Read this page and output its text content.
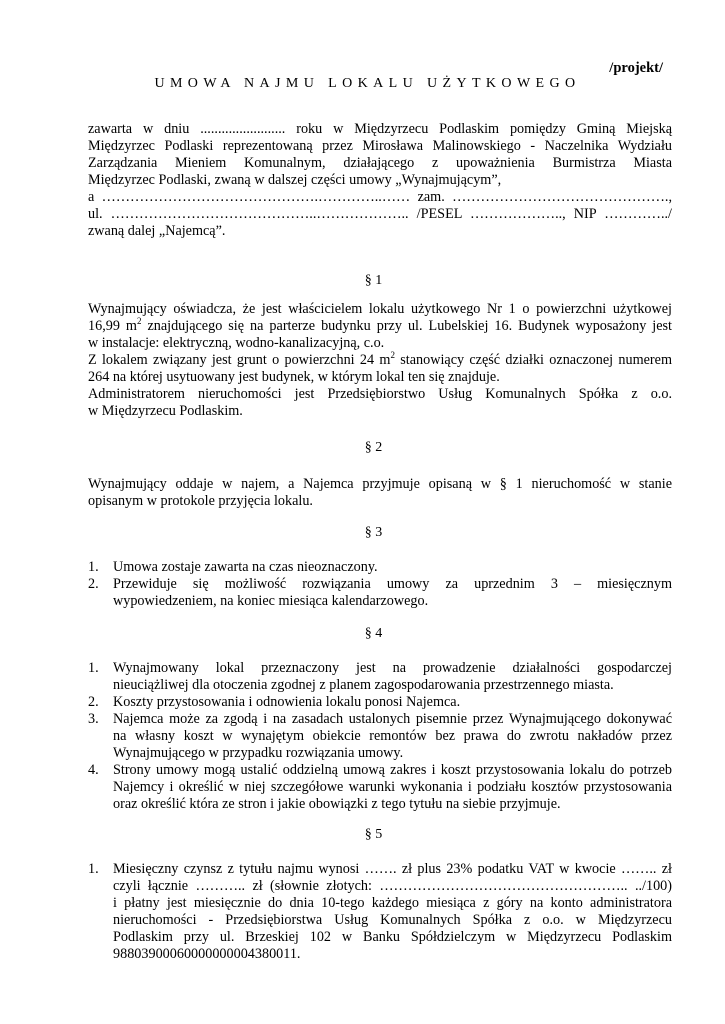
/projekt/
UMOWA NAJMU LOKALU UŻYTKOWEGO
zawarta w dniu ........................ roku w Międzyrzecu Podlaskim pomiędzy Gminą Miejską
Międzyrzec Podlaski reprezentowaną przez Mirosława Malinowskiego - Naczelnika Wydziału
Zarządzania Mieniem Komunalnym, działającego z upoważnienia Burmistrza Miasta
Międzyrzec Podlaski, zwaną w dalszej części umowy „Wynajmującym”,
a ……………………………………….…………..…… zam. ……………………………………….,
ul. ……………………………………..……………….. /PESEL ……………….., NIP …………../
zwaną dalej „Najemcą”.
§ 1
Wynajmujący oświadcza, że jest właścicielem lokalu użytkowego Nr 1 o powierzchni użytkowej
16,99 $m^2$ znajdującego się na parterze budynku przy ul. Lubelskiej 16. Budynek wyposażony jest
w instalacje: elektryczną, wodno-kanalizacyjną, c.o.
Z lokalem związany jest grunt o powierzchni 24 $m^2$ stanowiący część działki oznaczonej numerem
264 na której usytuowany jest budynek, w którym lokal ten się znajduje.
Administratorem nieruchomości jest Przedsiębiorstwo Usług Komunalnych Spółka z o.o.
w Międzyrzecu Podlaskim.
§ 2
Wynajmujący oddaje w najem, a Najemca przyjmuje opisaną w § 1 nieruchomość w stanie
opisanym w protokole przyjęcia lokalu.
§ 3
1. Umowa zostaje zawarta na czas nieoznaczony.
2. Przewiduje się możliwość rozwiązania umowy za uprzednim 3 – miesięcznym
wypowiedzeniem, na koniec miesiąca kalendarzowego.
§ 4
1. Wynajmowany lokal przeznaczony jest na prowadzenie działalności gospodarczej
nieuciążliwej dla otoczenia zgodnej z planem zagospodarowania przestrzennego miasta.
2. Koszty przystosowania i odnowienia lokalu ponosi Najemca.
3. Najemca może za zgodą i na zasadach ustalonych pisemnie przez Wynajmującego dokonywać
na własny koszt w wynajętym obiekcie remontów bez prawa do zwrotu nakładów przez
Wynajmującego w przypadku rozwiązania umowy.
4. Strony umowy mogą ustalić oddzielną umową zakres i koszt przystosowania lokalu do potrzeb
Najemcy i określić w niej szczegółowe warunki wykonania i podziału kosztów przystosowania
oraz określić która ze stron i jakie obowiązki z tego tytułu na siebie przyjmuje.
§ 5
1. Miesięczny czynsz z tytułu najmu wynosi ……. zł plus 23% podatku VAT w kwocie …….. zł
czyli łącznie ……….. zł (słownie złotych: …………………………………………….. ../100)
i płatny jest miesięcznie do dnia 10-tego każdego miesiąca z góry na konto administratora
nieruchomości - Przedsiębiorstwa Usług Komunalnych Spółka z o.o. w Międzyrzecu
Podlaskim przy ul. Brzeskiej 102 w Banku Spółdzielczym w Międzyrzecu Podlaskim
98803900060000000004380011.
